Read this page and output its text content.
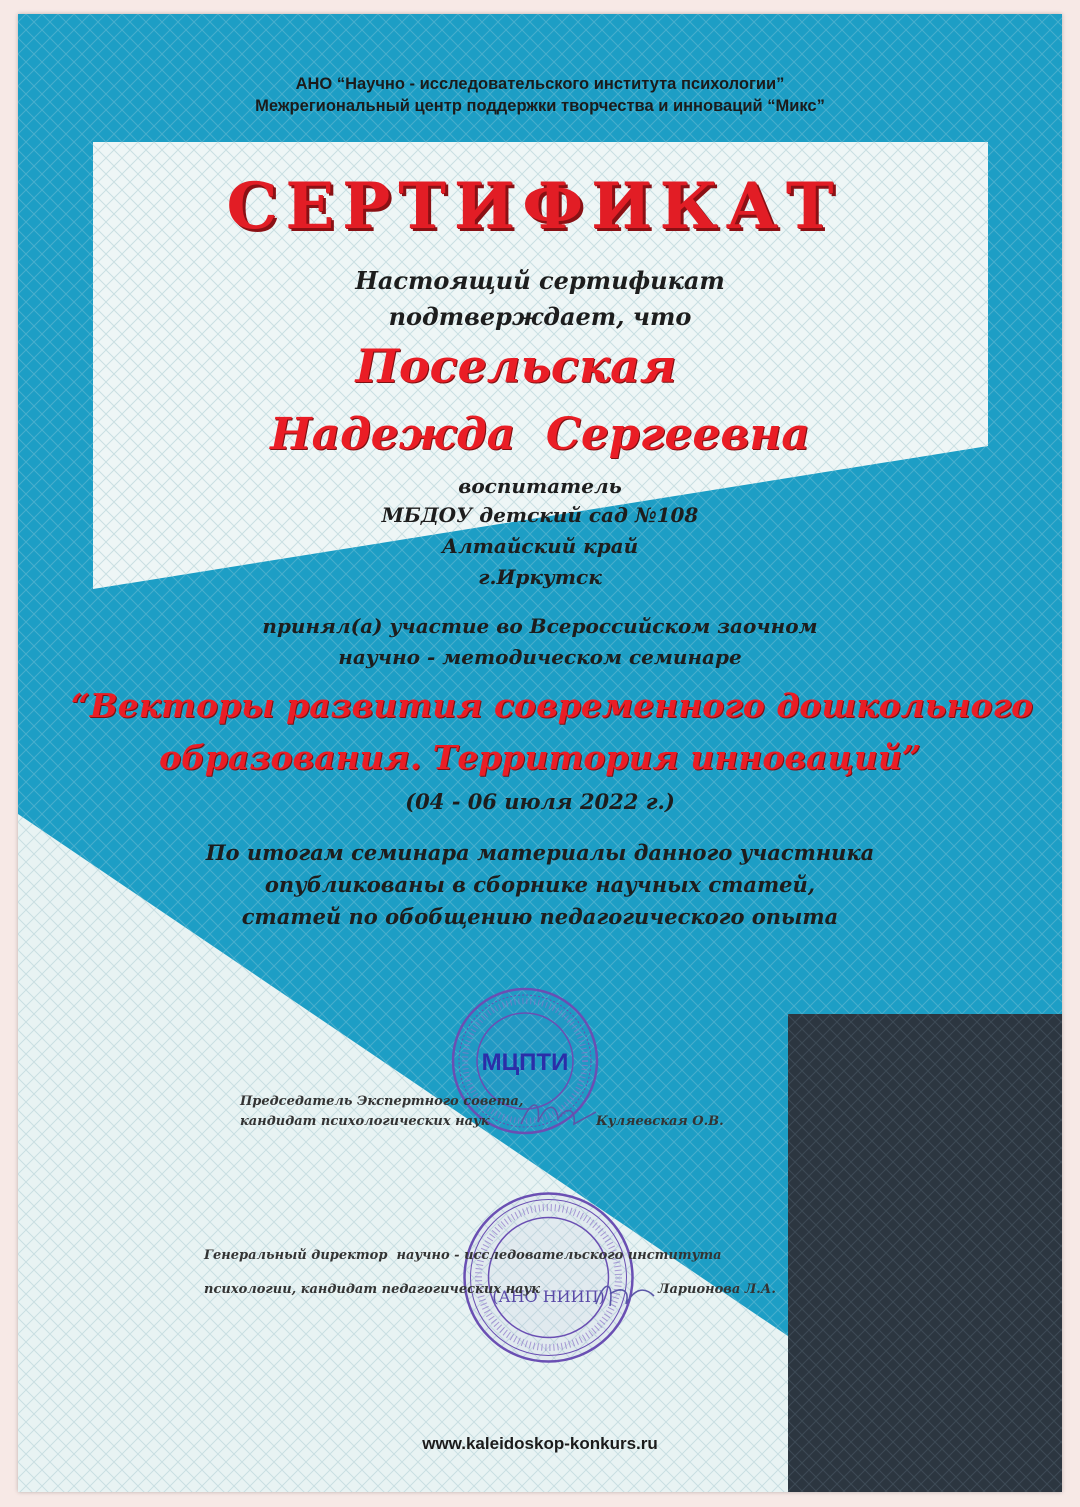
АНО “Научно - исследовательского института психологии”
Межрегиональный центр поддержки творчества и инноваций “Микс”
СЕРТИФИКАТ
Настоящий сертификат
подтверждает, что
Посельская
Надежда  Сергеевна
воспитатель
МБДОУ детский сад №108
Алтайский край
г.Иркутск
принял(а) участие во Всероссийском заочном
научно - методическом семинаре
“Векторы развития современного дошкольного
образования. Территория инноваций”
(04 - 06 июля 2022 г.)
По итогам семинара материалы данного участника
опубликованы в сборнике научных статей,
статей по обобщению педагогического опыта
МЦПТИ
(АНО НИИП)
Председатель Экспертного совета,
кандидат психологических наук	Куляевская О.В.
Генеральный директор  научно - исследовательского института
психологии, кандидат педагогических наук	Ларионова Л.А.
www.kaleidoskop-konkurs.ru
